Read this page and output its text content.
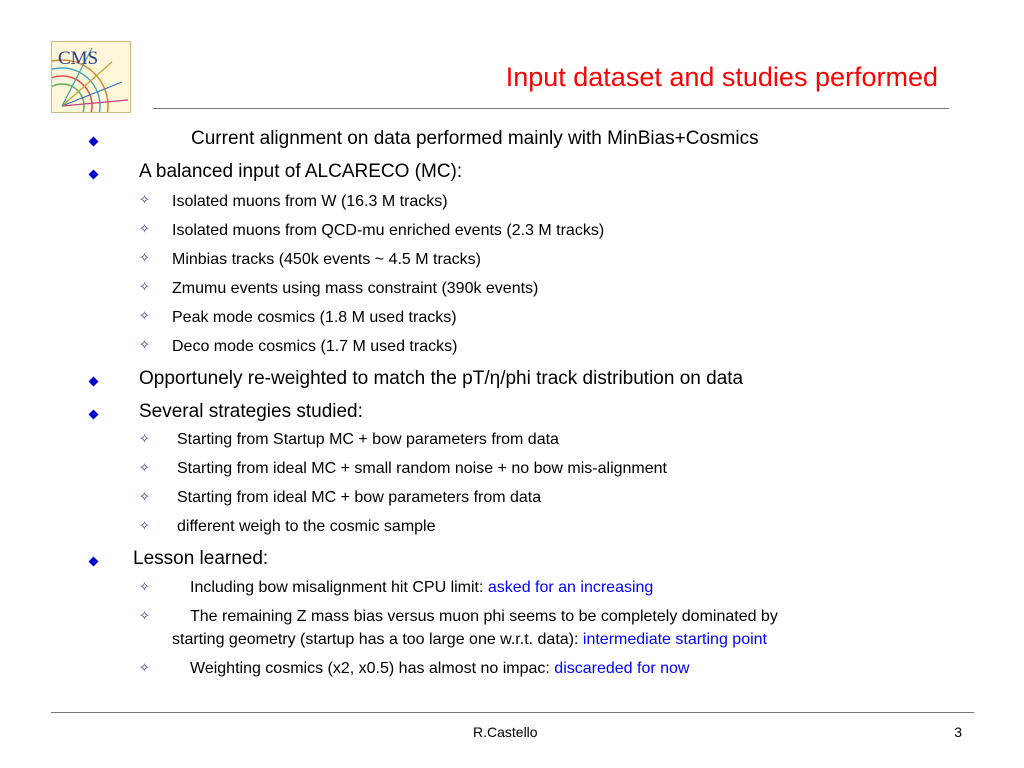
CMS
Input dataset and studies performed
Current alignment on data performed mainly with MinBias+Cosmics
A balanced input of ALCARECO (MC):
✧ Isolated muons from W (16.3 M tracks)
✧ Isolated muons from QCD-mu enriched events (2.3 M tracks)
✧ Minbias tracks (450k events ~ 4.5 M tracks)
✧ Zmumu events using mass constraint (390k events)
✧ Peak mode cosmics (1.8 M used tracks)
✧ Deco mode cosmics (1.7 M used tracks)
Opportunely re-weighted to match the pT/η/phi track distribution on data
Several strategies studied:
✧ Starting from Startup MC + bow parameters from data
✧ Starting from ideal MC + small random noise + no bow mis-alignment
✧ Starting from ideal MC + bow parameters from data
✧ different weigh to the cosmic sample
Lesson learned:
✧	Including bow misalignment hit CPU limit: asked for an increasing
✧	The remaining Z mass bias versus muon phi seems to be completely dominated by
starting geometry (startup has a too large one w.r.t. data): intermediate starting point
✧	Weighting cosmics (x2, x0.5) has almost no impac: discareded for now
R.Castello	3
